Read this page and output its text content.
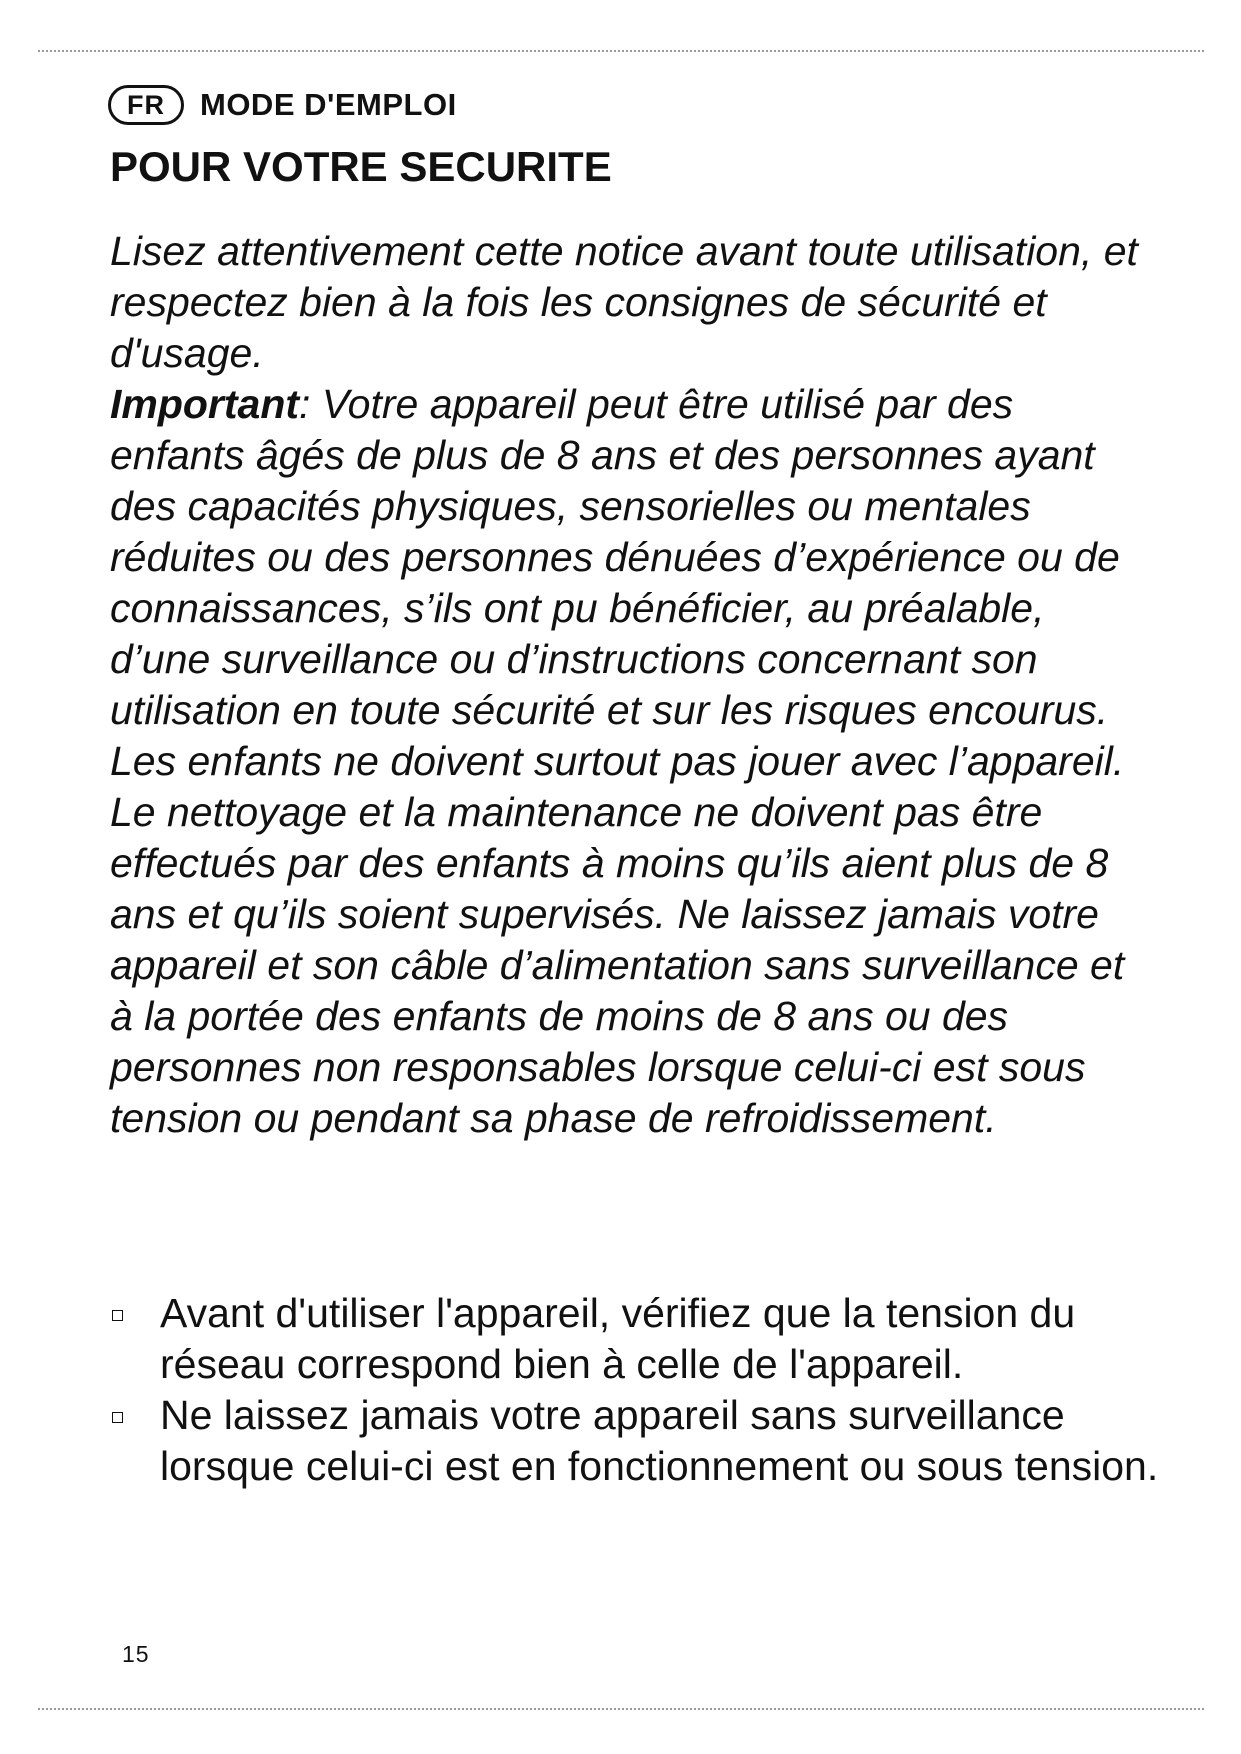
FR	MODE D'EMPLOI
POUR VOTRE SECURITE

Lisez attentivement cette notice avant toute utilisation, et respectez bien à la fois les consignes de sécurité et d'usage.
Important: Votre appareil peut être utilisé par des enfants âgés de plus de 8 ans et des personnes ayant des capacités physiques, sensorielles ou mentales réduites ou des personnes dénuées d’expérience ou de connaissances, s’ils ont pu bénéficier, au préalable, d’une surveillance ou d’instructions concernant son utilisation en toute sécurité et sur les risques encourus. Les enfants ne doivent surtout pas jouer avec l’appareil. Le nettoyage et la maintenance ne doivent pas être effectués par des enfants à moins qu’ils aient plus de 8 ans et qu’ils soient supervisés. Ne laissez jamais votre appareil et son câble d’alimentation sans surveillance et à la portée des enfants de moins de 8 ans ou des personnes non responsables lorsque celui-ci est sous tension ou pendant sa phase de refroidissement.

Avant d'utiliser l'appareil, vérifiez que la tension du réseau correspond bien à celle de l'appareil.
Ne laissez jamais votre appareil sans surveillance lorsque celui-ci est en fonctionnement ou sous tension.
15
